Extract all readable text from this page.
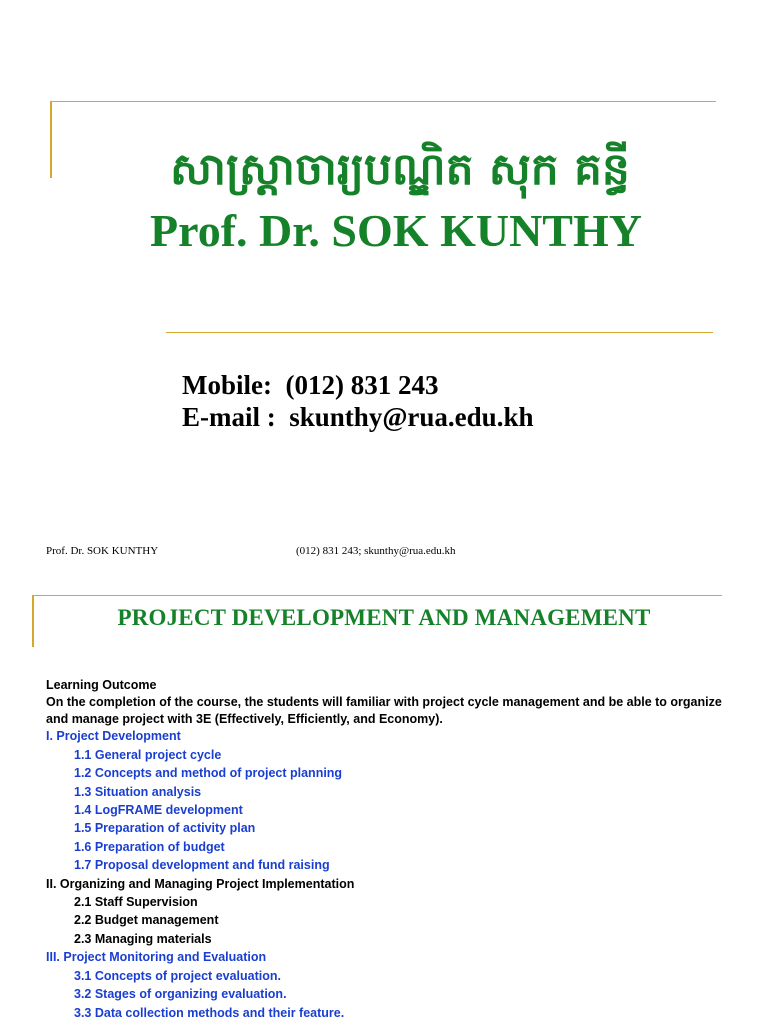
សាស្ត្រាចារ្យបណ្ឌិត សុក គន្ធី
Prof. Dr. SOK KUNTHY
Mobile: (012) 831 243
E-mail : skunthy@rua.edu.kh
Prof. Dr. SOK KUNTHY	(012) 831 243; skunthy@rua.edu.kh
PROJECT DEVELOPMENT AND MANAGEMENT
Learning Outcome
On the completion of the course, the students will familiar with project cycle management and be able to organize and manage project with 3E (Effectively, Efficiently, and Economy).
I. Project Development
1.1 General project cycle
1.2 Concepts and method of project planning
1.3 Situation analysis
1.4 LogFRAME development
1.5 Preparation of activity plan
1.6 Preparation of budget
1.7 Proposal development and fund raising
II. Organizing and Managing Project Implementation
2.1 Staff Supervision
2.2 Budget management
2.3 Managing materials
III. Project Monitoring and Evaluation
3.1 Concepts of project evaluation.
3.2 Stages of organizing evaluation.
3.3 Data collection methods and their feature.
